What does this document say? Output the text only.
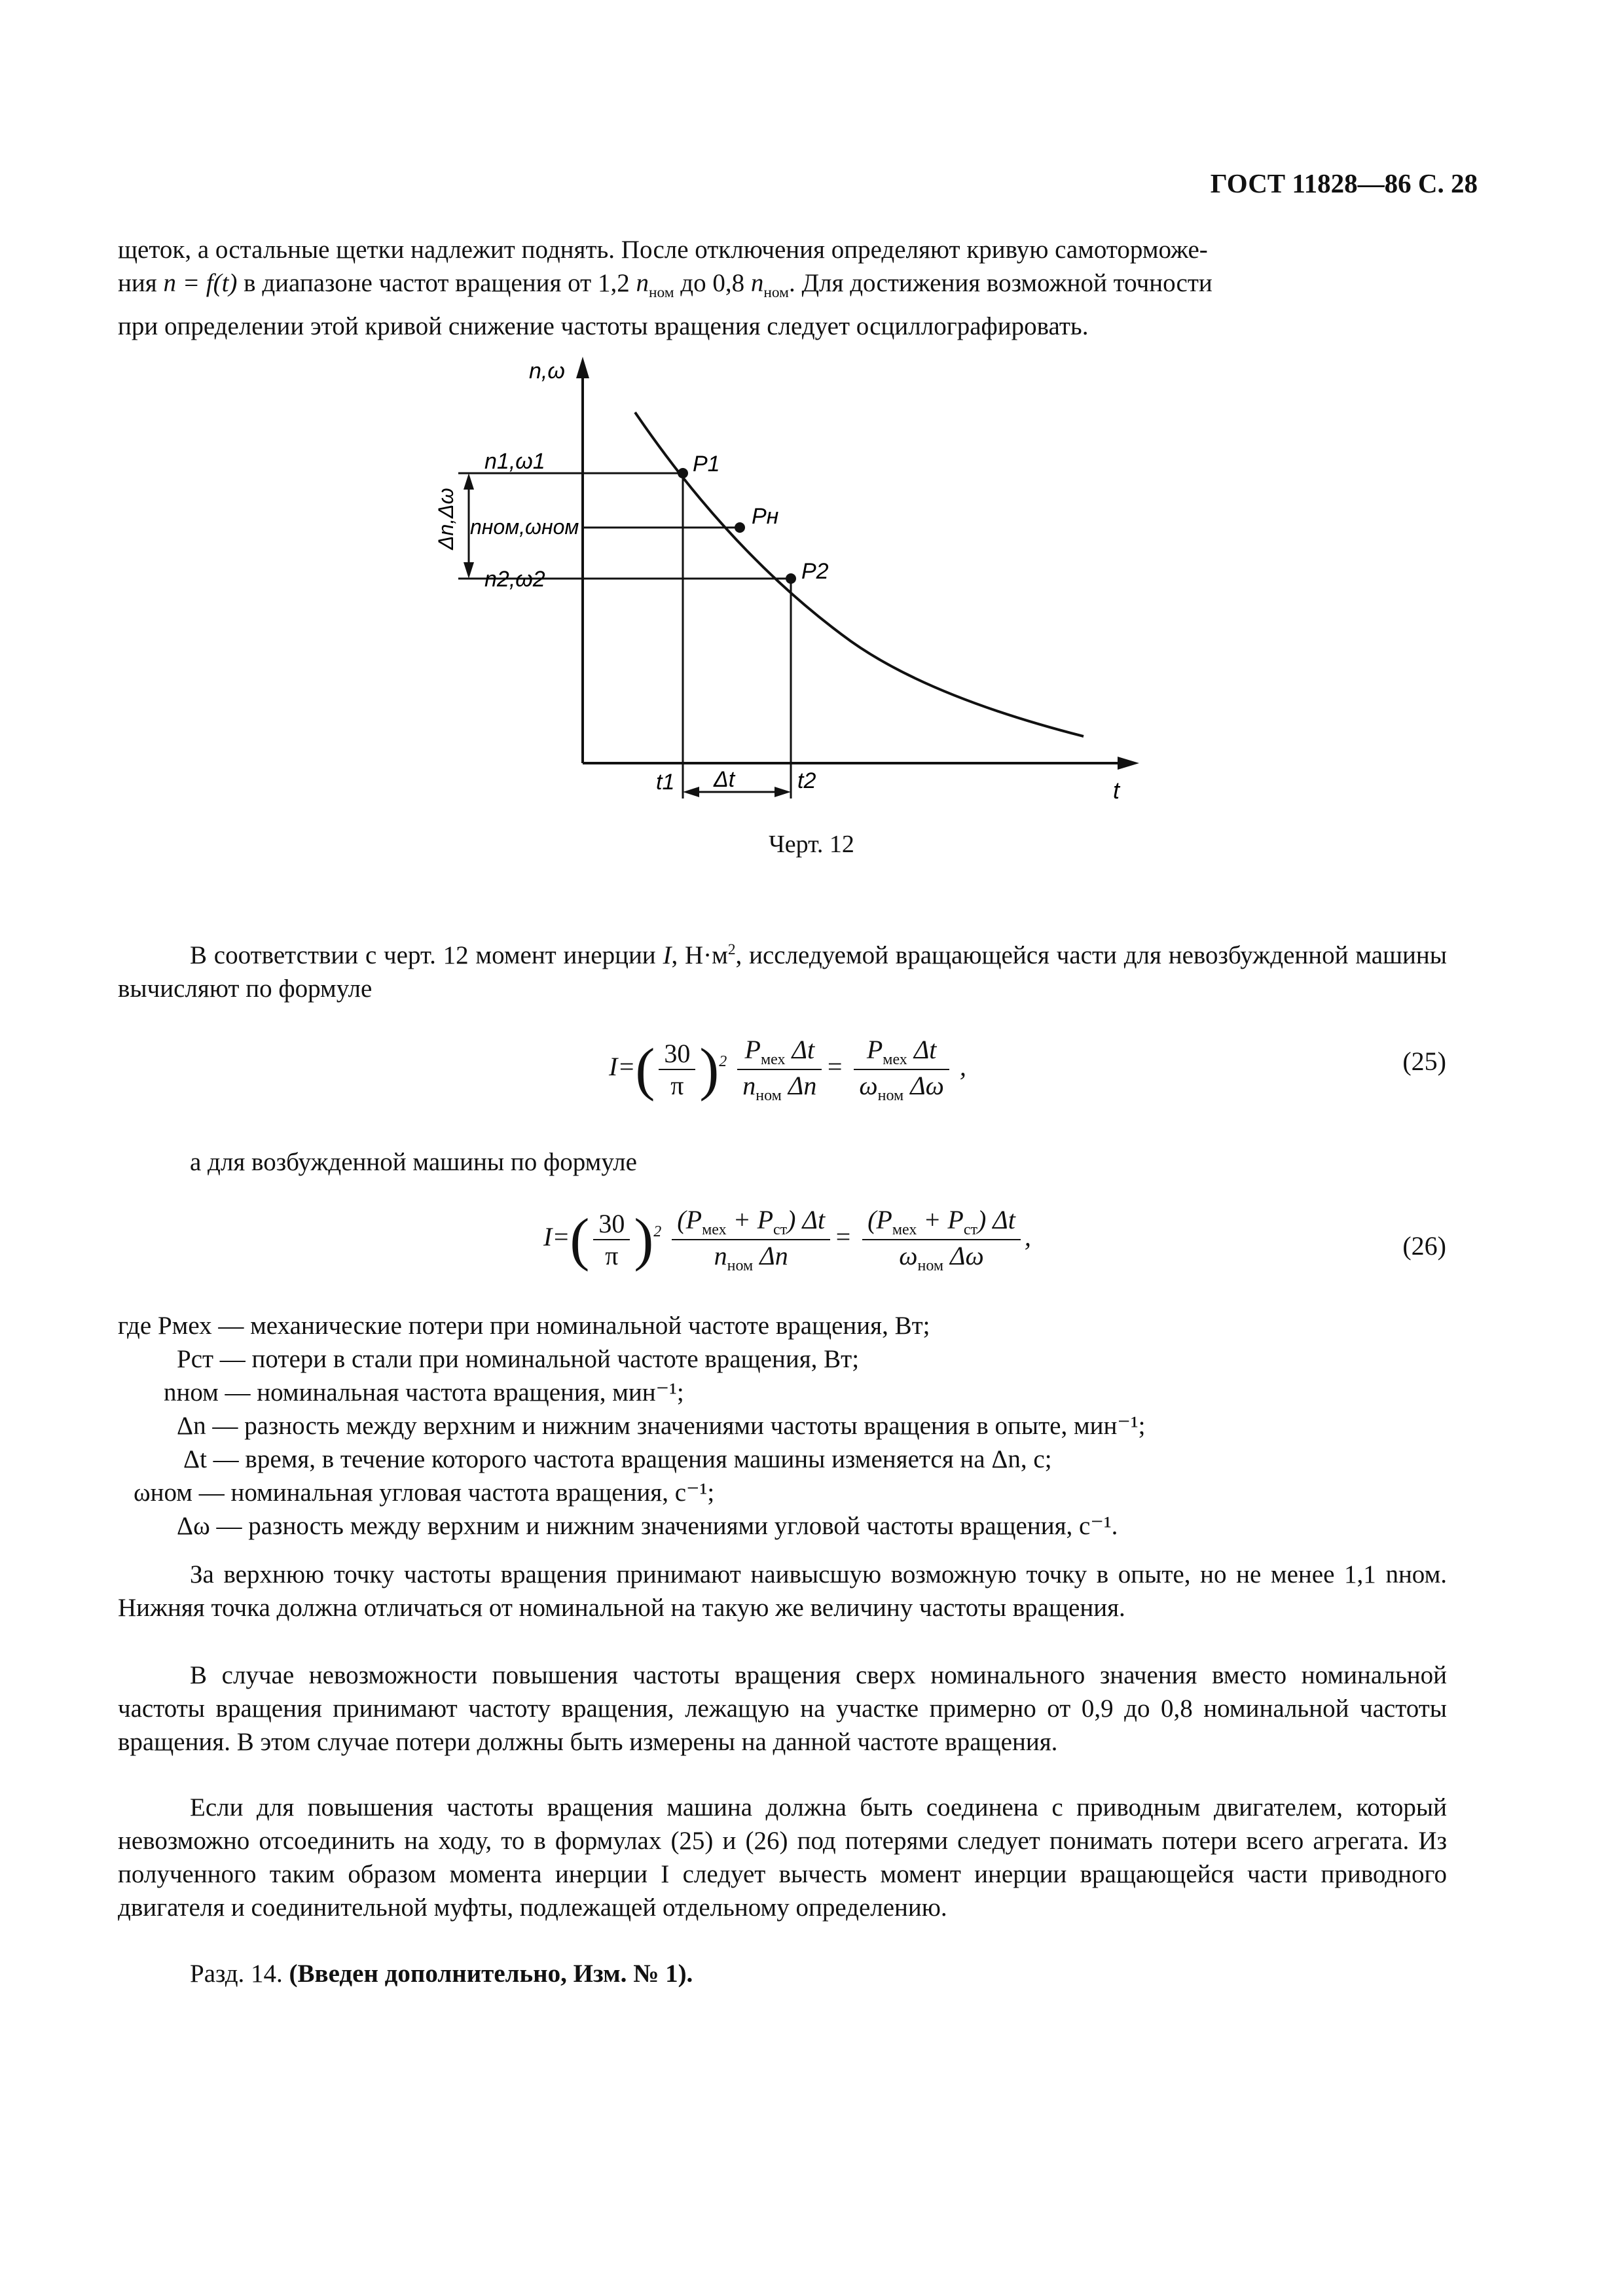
ГОСТ 11828—86 С. 28
щеток, а остальные щетки надлежит поднять. После отключения определяют кривую самоторможе-
ния n = f(t) в диапазоне частот вращения от 1,2 $n_{ном}$ до 0,8 $n_{ном}$. Для достижения возможной точности
при определении этой кривой снижение частоты вращения следует осциллографировать.
n,ω
t
n1,ω1
nном,ωном
n2,ω2
Δn,Δω
P1
Pн
P2
t1	t2
Δt
Черт. 12
В соответствии с черт. 12 момент инерции I, $Н\cdot м^2$, исследуемой вращающейся части для невозбужденной машины вычисляют по формуле
$I=( \frac{30}{\pi} )^2 \frac{P_{мех} \Delta t}{n_{ном} \Delta n} = \frac{P_{мех} \Delta t}{\omega_{ном} \Delta\omega}$ ,	(25)
а для возбужденной машины по формуле
$I=( \frac{30}{\pi} )^2 \frac{(P_{мех} + P_{ст}) \Delta t}{n_{ном} \Delta n} = \frac{(P_{мех} + P_{ст}) \Delta t}{\omega_{ном} \Delta\omega}$ ,	(26)
где Pмех — механические потери при номинальной частоте вращения, Вт;
Pст — потери в стали при номинальной частоте вращения, Вт;
nном — номинальная частота вращения, мин⁻¹;
Δn — разность между верхним и нижним значениями частоты вращения в опыте, мин⁻¹;
Δt — время, в течение которого частота вращения машины изменяется на Δn, с;
ωном — номинальная угловая частота вращения, с⁻¹;
Δω — разность между верхним и нижним значениями угловой частоты вращения, с⁻¹.
За верхнюю точку частоты вращения принимают наивысшую возможную точку в опыте, но не менее 1,1 nном. Нижняя точка должна отличаться от номинальной на такую же величину частоты вращения.
В случае невозможности повышения частоты вращения сверх номинального значения вместо номинальной частоты вращения принимают частоту вращения, лежащую на участке примерно от 0,9 до 0,8 номинальной частоты вращения. В этом случае потери должны быть измерены на данной частоте вращения.
Если для повышения частоты вращения машина должна быть соединена с приводным двигателем, который невозможно отсоединить на ходу, то в формулах (25) и (26) под потерями следует понимать потери всего агрегата. Из полученного таким образом момента инерции I следует вычесть момент инерции вращающейся части приводного двигателя и соединительной муфты, подлежащей отдельному определению.
Разд. 14. (Введен дополнительно, Изм. № 1).
